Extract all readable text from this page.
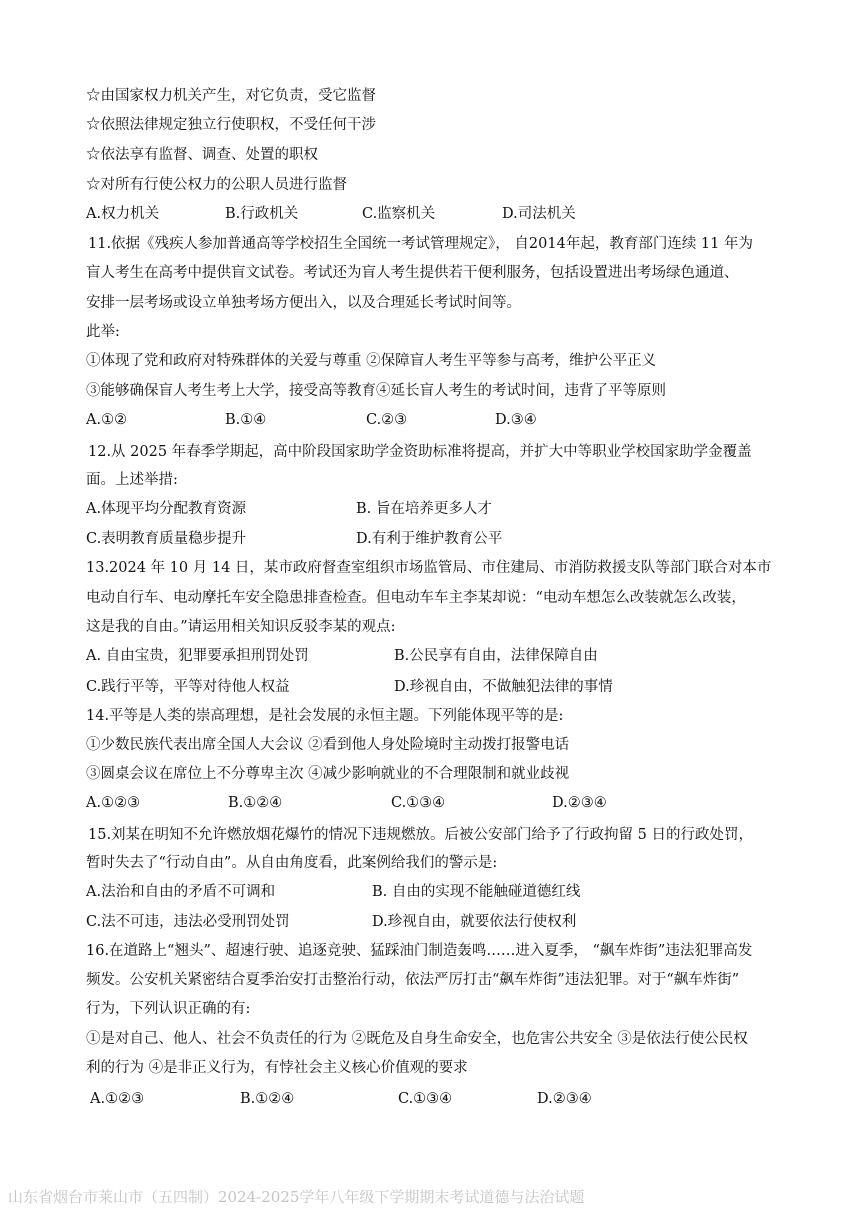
☆由国家权力机关产生，对它负责，受它监督
☆依照法律规定独立行使职权，不受任何干涉
☆依法享有监督、调查、处置的职权
☆对所有行使公权力的公职人员进行监督
A.权力机关	B.行政机关	C.监察机关	D.司法机关
11.依据《残疾人参加普通高等学校招生全国统一考试管理规定》， 自2014年起，教育部门连续 11 年为
盲人考生在高考中提供盲文试卷。考试还为盲人考生提供若干便利服务，包括设置进出考场绿色通道、
安排一层考场或设立单独考场方便出入，以及合理延长考试时间等。
此举:
①体现了党和政府对特殊群体的关爱与尊重 ②保障盲人考生平等参与高考，维护公平正义
③能够确保盲人考生考上大学，接受高等教育④延长盲人考生的考试时间，违背了平等原则
A.①②	B.①④	C.②③	D.③④
12.从 2025 年春季学期起，高中阶段国家助学金资助标准将提高，并扩大中等职业学校国家助学金覆盖
面。上述举措:
A.体现平均分配教育资源	B. 旨在培养更多人才
C.表明教育质量稳步提升	D.有利于维护教育公平
13.2024 年 10 月 14 日，某市政府督查室组织市场监管局、市住建局、市消防救援支队等部门联合对本市
电动自行车、电动摩托车安全隐患排查检查。但电动车车主李某却说：“电动车想怎么改装就怎么改装，
这是我的自由。”请运用相关知识反驳李某的观点:
A. 自由宝贵，犯罪要承担刑罚处罚	B.公民享有自由，法律保障自由
C.践行平等，平等对待他人权益	D.珍视自由，不做触犯法律的事情
14.平等是人类的崇高理想，是社会发展的永恒主题。下列能体现平等的是:
①少数民族代表出席全国人大会议 ②看到他人身处险境时主动拨打报警电话
③圆桌会议在席位上不分尊卑主次 ④减少影响就业的不合理限制和就业歧视
A.①②③	B.①②④	C.①③④	D.②③④
15.刘某在明知不允许燃放烟花爆竹的情况下违规燃放。后被公安部门给予了行政拘留 5 日的行政处罚，
暂时失去了“行动自由”。从自由角度看，此案例给我们的警示是:
A.法治和自由的矛盾不可调和	B. 自由的实现不能触碰道德红线
C.法不可违，违法必受刑罚处罚	D.珍视自由，就要依法行使权利
16.在道路上“翘头”、超速行驶、追逐竞驶、猛踩油门制造轰鸣……进入夏季， “飙车炸街”违法犯罪高发
频发。公安机关紧密结合夏季治安打击整治行动，依法严厉打击“飙车炸街”违法犯罪。对于“飙车炸街”
行为，下列认识正确的有:
①是对自己、他人、社会不负责任的行为 ②既危及自身生命安全，也危害公共安全 ③是依法行使公民权
利的行为 ④是非正义行为，有悖社会主义核心价值观的要求
A.①②③	B.①②④	C.①③④	D.②③④
山东省烟台市莱山市（五四制）2024-2025学年八年级下学期期末考试道德与法治试题
